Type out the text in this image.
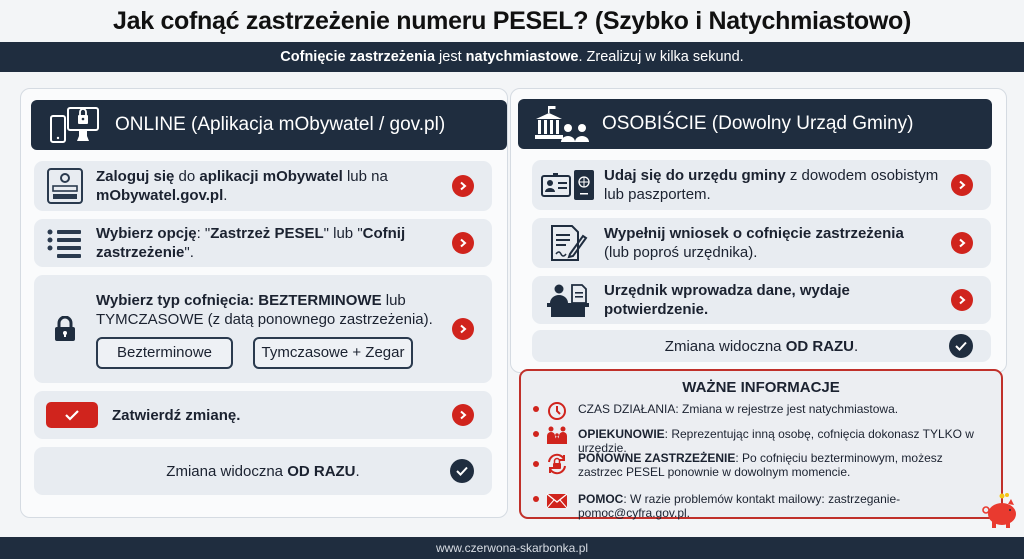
Jak cofnąć zastrzeżenie numeru PESEL? (Szybko i Natychmiastowo)
Cofnięcie zastrzeżenia jest natychmiastowe. Zrealizuj w kilka sekund.
ONLINE (Aplikacja mObywatel / gov.pl)
Zaloguj się do aplikacji mObywatel lub na
mObywatel.gov.pl.
Wybierz opcję: "Zastrzeż PESEL" lub "Cofnij zastrzeżenie".
Wybierz typ cofnięcia: BEZTERMINOWE lub TYMCZASOWE (z datą ponownego zastrzeżenia).
Bezterminowe	Tymczasowe + Zegar
Zatwierdź zmianę.
Zmiana widoczna OD RAZU.
OSOBIŚCIE (Dowolny Urząd Gminy)
Udaj się do urzędu gminy z dowodem osobistym lub paszportem.
Wypełnij wniosek o cofnięcie zastrzeżenia
(lub poproś urzędnika).
Urzędnik wprowadza dane, wydaje potwierdzenie.
Zmiana widoczna OD RAZU.
WAŻNE INFORMACJE
CZAS DZIAŁANIA: Zmiana w rejestrze jest natychmiastowa.
OPIEKUNOWIE: Reprezentując inną osobę, cofnięcia dokonasz TYLKO w urzędzie.
PONOWNE ZASTRZEŻENIE: Po cofnięciu bezterminowym, możesz zastrzec PESEL ponownie w dowolnym momencie.
POMOC: W razie problemów kontakt mailowy: zastrzeganie-pomoc@cyfra.gov.pl.
www.czerwona-skarbonka.pl
